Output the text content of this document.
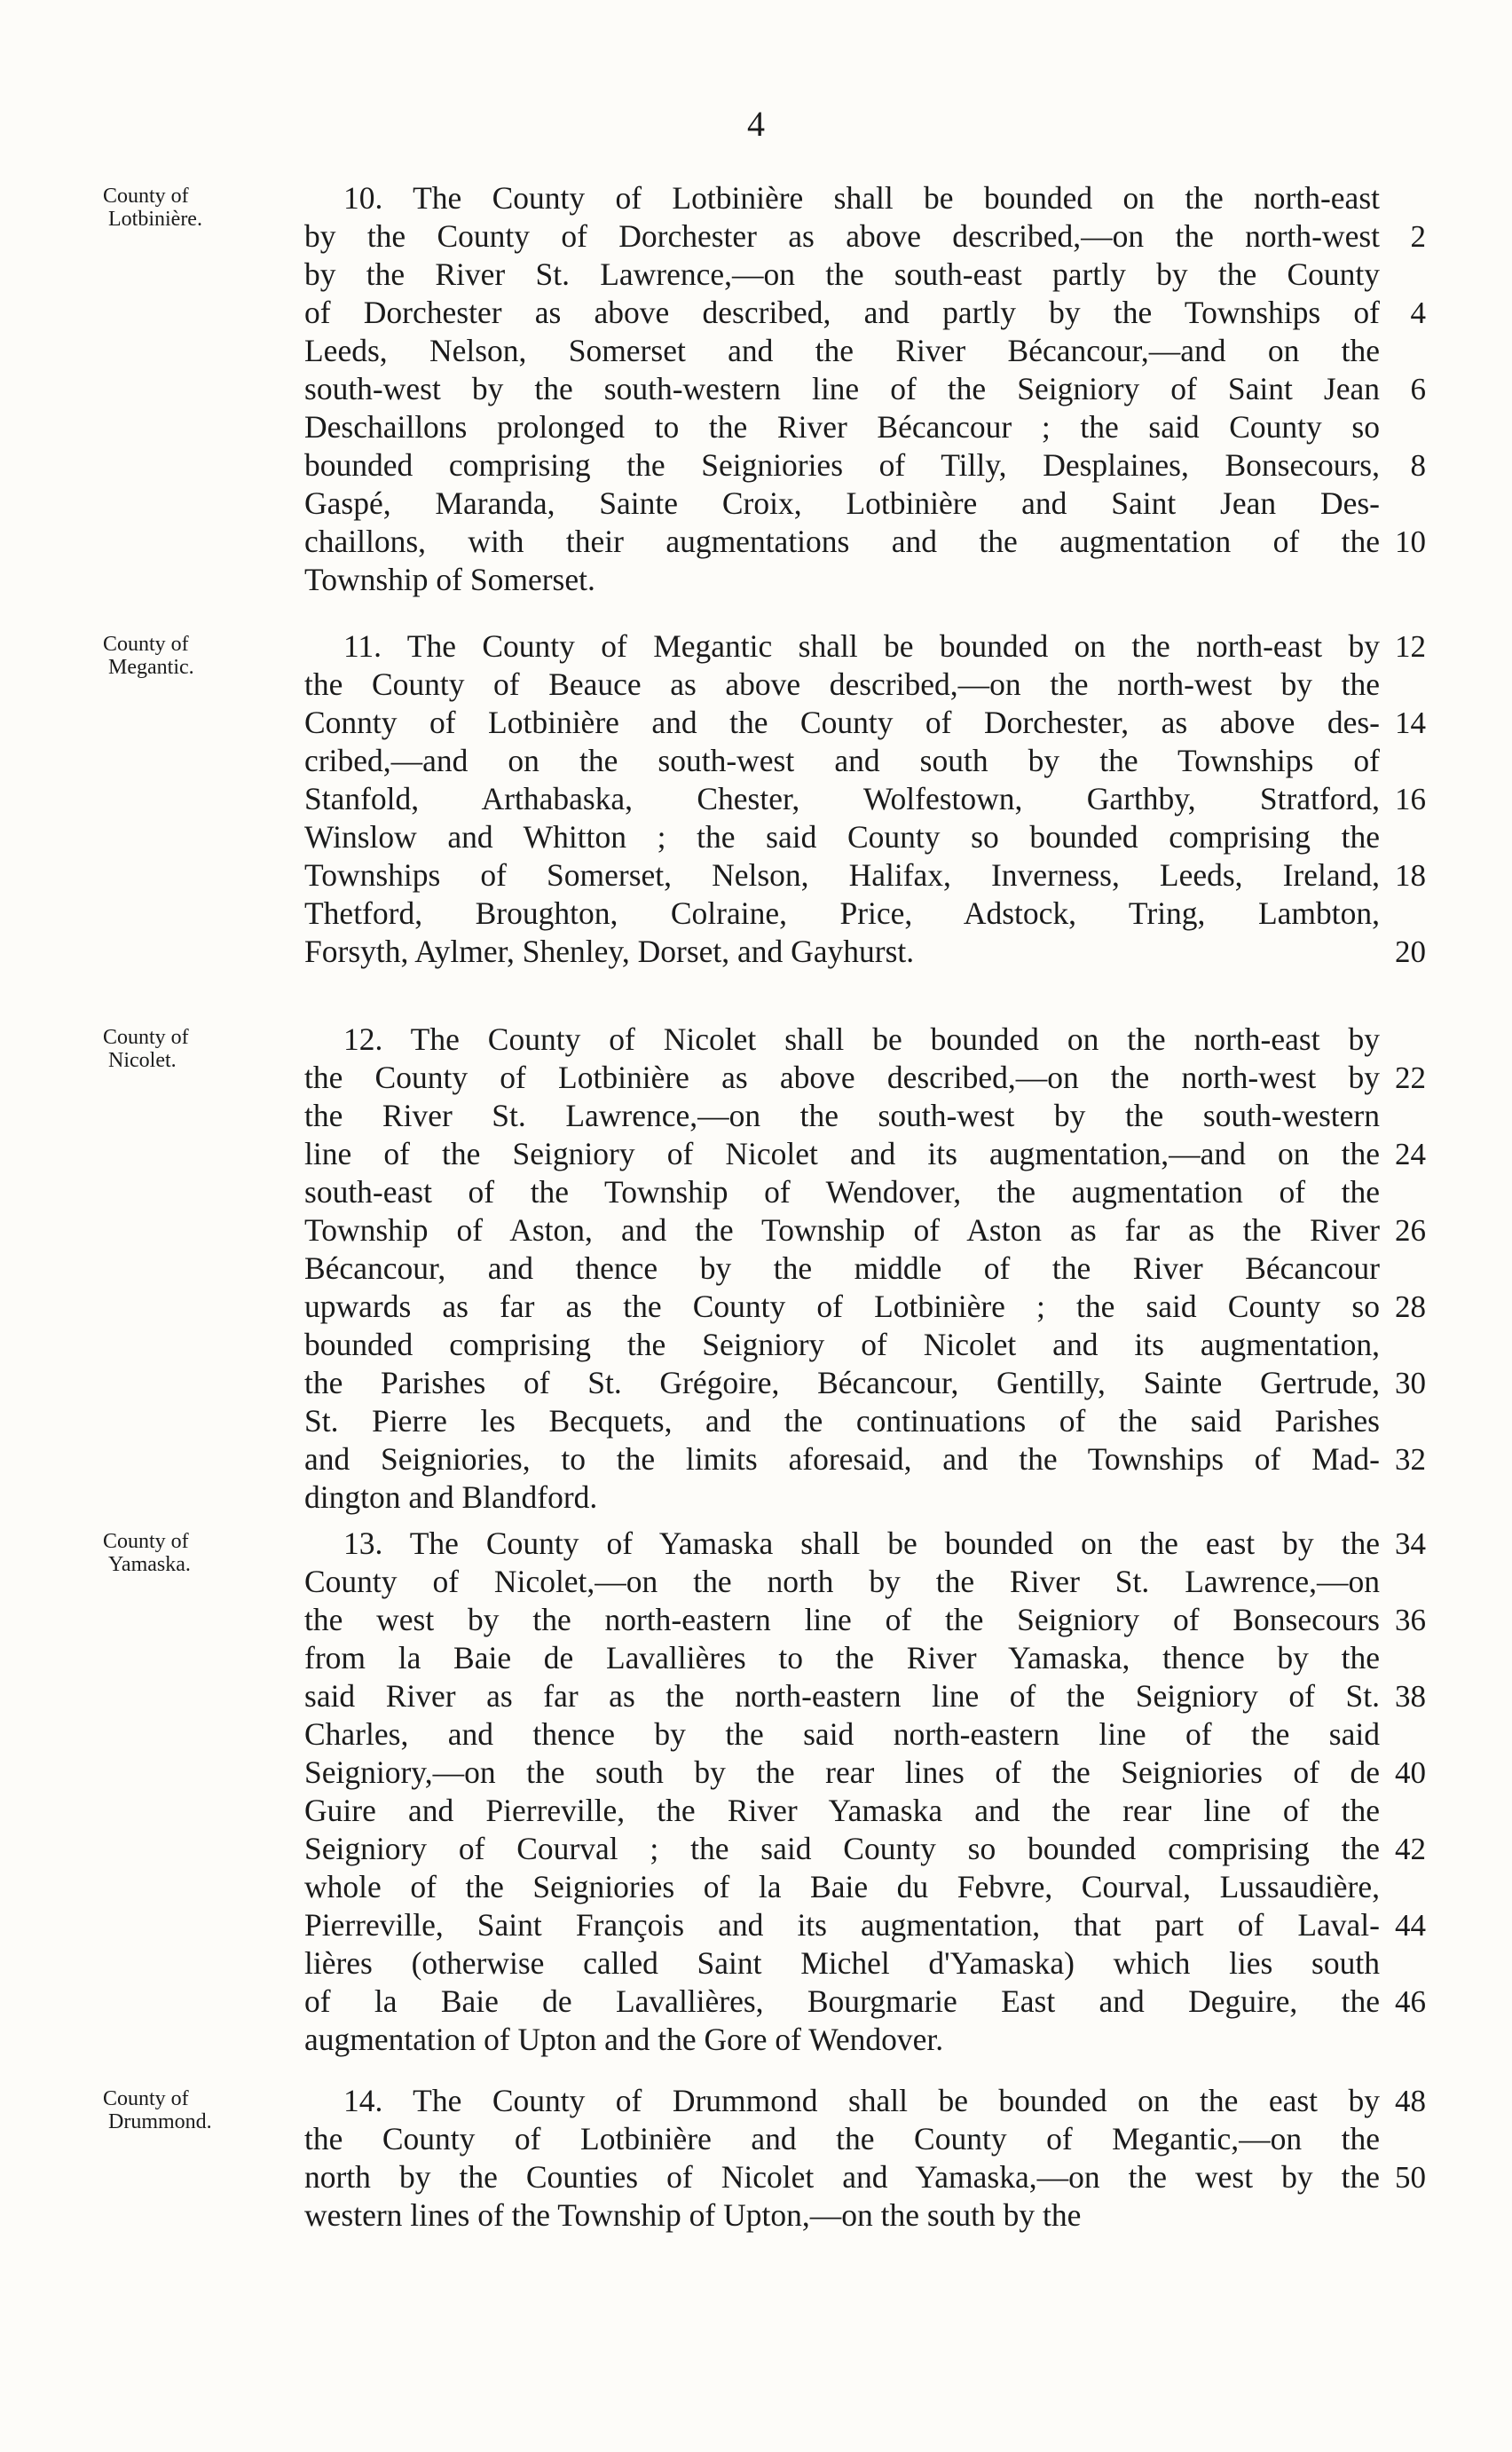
4
County of
Lotbinière.
10. The County of Lotbinière shall be bounded on the north-east
by the County of Dorchester as above described,—on the north-west
by the River St. Lawrence,—on the south-east partly by the County
of Dorchester as above described, and partly by the Townships of
Leeds, Nelson, Somerset and the River Bécancour,—and on the
south-west by the south-western line of the Seigniory of Saint Jean
Deschaillons prolonged to the River Bécancour ; the said County so
bounded comprising the Seigniories of Tilly, Desplaines, Bonsecours,
Gaspé, Maranda, Sainte Croix, Lotbinière and Saint Jean Des-
chaillons, with their augmentations and the augmentation of the
Township of Somerset.
2
4
6
8
10
County of
Megantic.
11. The County of Megantic shall be bounded on the north-east by
the County of Beauce as above described,—on the north-west by the
Connty of Lotbinière and the County of Dorchester, as above des-
cribed,—and on the south-west and south by the Townships of
Stanfold, Arthabaska, Chester, Wolfestown, Garthby, Stratford,
Winslow and Whitton ; the said County so bounded comprising the
Townships of Somerset, Nelson, Halifax, Inverness, Leeds, Ireland,
Thetford, Broughton, Colraine, Price, Adstock, Tring, Lambton,
Forsyth, Aylmer, Shenley, Dorset, and Gayhurst.
12
14
16
18
20
County of
Nicolet.
12. The County of Nicolet shall be bounded on the north-east by
the County of Lotbinière as above described,—on the north-west by
the River St. Lawrence,—on the south-west by the south-western
line of the Seigniory of Nicolet and its augmentation,—and on the
south-east of the Township of Wendover, the augmentation of the
Township of Aston, and the Township of Aston as far as the River
Bécancour, and thence by the middle of the River Bécancour
upwards as far as the County of Lotbinière ; the said County so
bounded comprising the Seigniory of Nicolet and its augmentation,
the Parishes of St. Grégoire, Bécancour, Gentilly, Sainte Gertrude,
St. Pierre les Becquets, and the continuations of the said Parishes
and Seigniories, to the limits aforesaid, and the Townships of Mad-
dington and Blandford.
22
24
26
28
30
32
County of
Yamaska.
13. The County of Yamaska shall be bounded on the east by the
County of Nicolet,—on the north by the River St. Lawrence,—on
the west by the north-eastern line of the Seigniory of Bonsecours
from la Baie de Lavallières to the River Yamaska, thence by the
said River as far as the north-eastern line of the Seigniory of St.
Charles, and thence by the said north-eastern line of the said
Seigniory,—on the south by the rear lines of the Seigniories of de
Guire and Pierreville, the River Yamaska and the rear line of the
Seigniory of Courval ; the said County so bounded comprising the
whole of the Seigniories of la Baie du Febvre, Courval, Lussaudière,
Pierreville, Saint François and its augmentation, that part of Laval-
lières (otherwise called Saint Michel d'Yamaska) which lies south
of la Baie de Lavallières, Bourgmarie East and Deguire, the
augmentation of Upton and the Gore of Wendover.
34
36
38
40
42
44
46
County of
Drummond.
14. The County of Drummond shall be bounded on the east by
the County of Lotbinière and the County of Megantic,—on the
north by the Counties of Nicolet and Yamaska,—on the west by the
western lines of the Township of Upton,—on the south by the
48
50
